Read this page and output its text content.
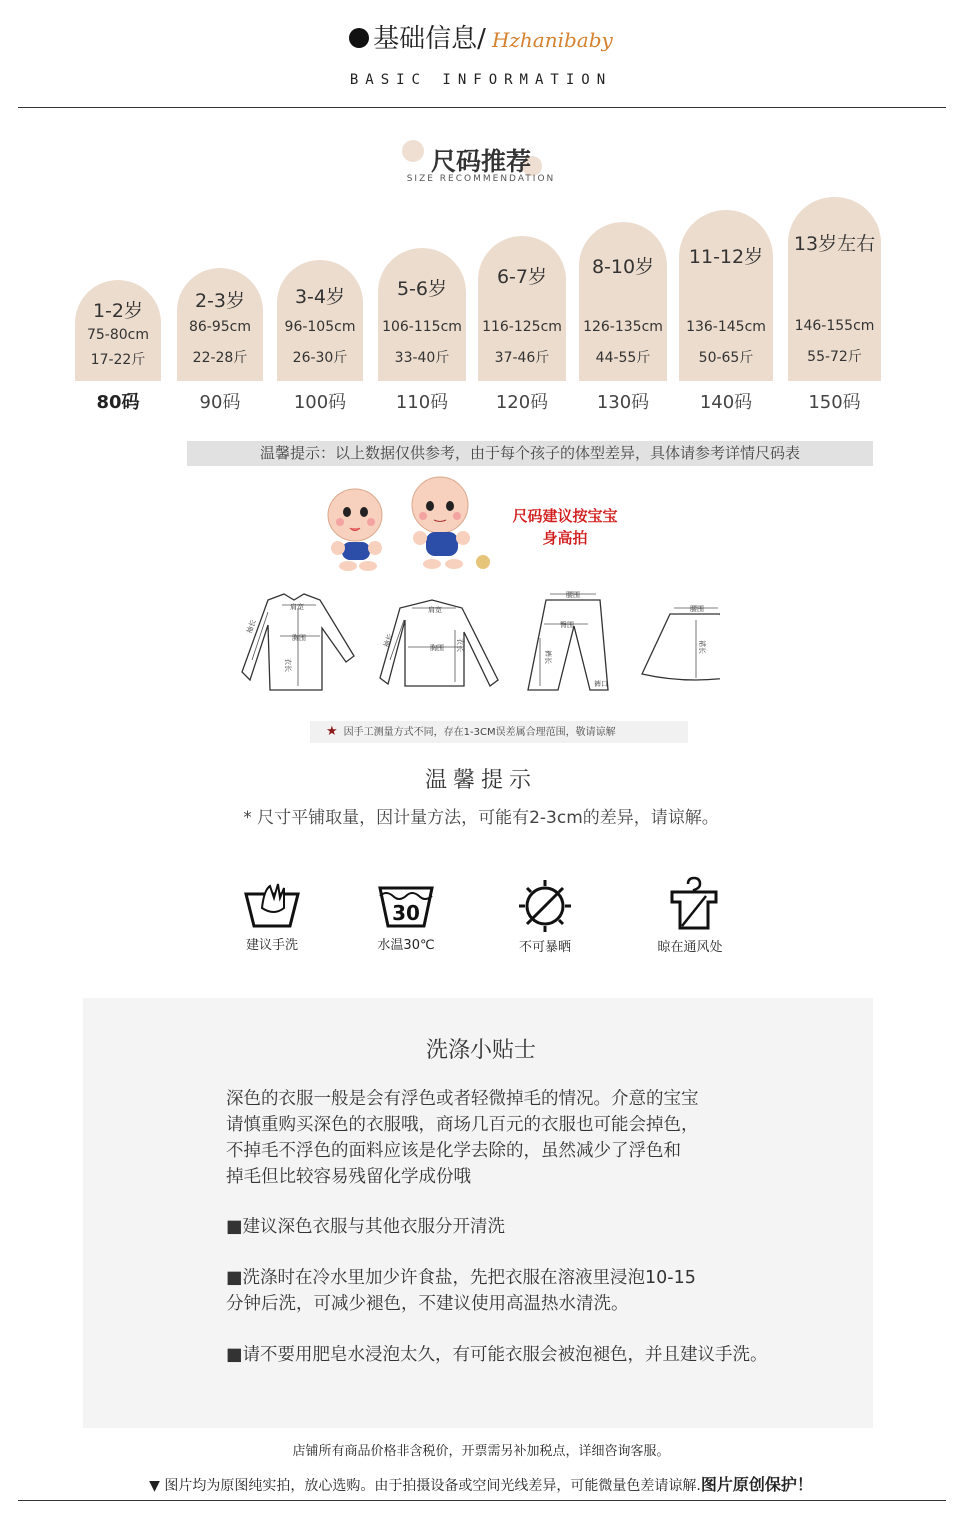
基础信息/ Hzhanibaby
BASIC INFORMATION
尺码推荐
SIZE RECOMMENDATION
1-2岁
75-80cm
17-22斤
80码
2-3岁
86-95cm
22-28斤
90码
3-4岁
96-105cm
26-30斤
100码
5-6岁
106-115cm
33-40斤
110码
6-7岁
116-125cm
37-46斤
120码
8-10岁
126-135cm
44-55斤
130码
11-12岁
136-145cm
50-65斤
140码
13岁左右
146-155cm
55-72斤
150码
温馨提示：以上数据仅供参考，由于每个孩子的体型差异，具体请参考详情尺码表
尺码建议按宝宝
身高拍
肩宽
胸围
袖长
衣长
肩宽
胸围
袖长	衣长
腰围
臀围
裤长
裤口
腰围
裙长
★ 因手工测量方式不同，存在1-3CM误差属合理范围，敬请谅解
温馨提示
* 尺寸平铺取量，因计量方法，可能有2-3cm的差异，请谅解。
建议手洗
30
水温30℃	不可暴晒	晾在通风处
洗涤小贴士
深色的衣服一般是会有浮色或者轻微掉毛的情况。介意的宝宝
请慎重购买深色的衣服哦，商场几百元的衣服也可能会掉色，
不掉毛不浮色的面料应该是化学去除的，虽然减少了浮色和
掉毛但比较容易残留化学成份哦
■建议深色衣服与其他衣服分开清洗
■洗涤时在冷水里加少许食盐，先把衣服在溶液里浸泡10-15
分钟后洗，可减少褪色，不建议使用高温热水清洗。
■请不要用肥皂水浸泡太久，有可能衣服会被泡褪色，并且建议手洗。
店铺所有商品价格非含税价，开票需另补加税点，详细咨询客服。
▼ 图片均为原图纯实拍，放心选购。由于拍摄设备或空间光线差异，可能微量色差请谅解.图片原创保护！
